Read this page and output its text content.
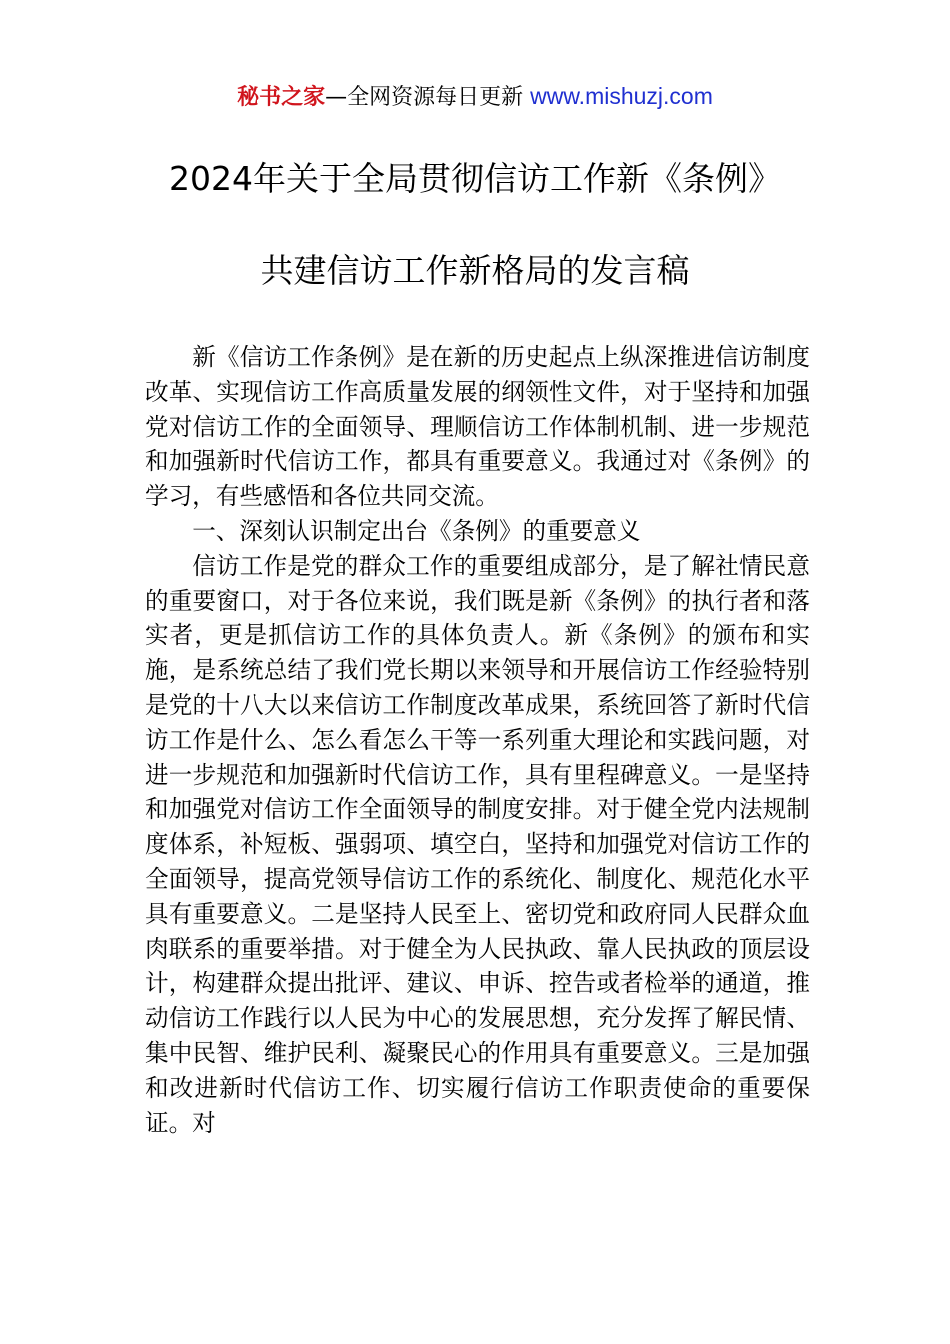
秘书之家—全网资源每日更新 www.mishuzj.com
2024年关于全局贯彻信访工作新《条例》
共建信访工作新格局的发言稿

新《信访工作条例》是在新的历史起点上纵深推进信访制度改革、实现信访工作高质量发展的纲领性文件，对于坚持和加强党对信访工作的全面领导、理顺信访工作体制机制、进一步规范和加强新时代信访工作，都具有重要意义。我通过对《条例》的学习，有些感悟和各位共同交流。

一、深刻认识制定出台《条例》的重要意义

信访工作是党的群众工作的重要组成部分，是了解社情民意的重要窗口，对于各位来说，我们既是新《条例》的执行者和落实者，更是抓信访工作的具体负责人。新《条例》的颁布和实施，是系统总结了我们党长期以来领导和开展信访工作经验特别是党的十八大以来信访工作制度改革成果，系统回答了新时代信访工作是什么、怎么看怎么干等一系列重大理论和实践问题，对进一步规范和加强新时代信访工作，具有里程碑意义。一是坚持和加强党对信访工作全面领导的制度安排。对于健全党内法规制度体系，补短板、强弱项、填空白，坚持和加强党对信访工作的全面领导，提高党领导信访工作的系统化、制度化、规范化水平具有重要意义。二是坚持人民至上、密切党和政府同人民群众血肉联系的重要举措。对于健全为人民执政、靠人民执政的顶层设计，构建群众提出批评、建议、申诉、控告或者检举的通道，推动信访工作践行以人民为中心的发展思想，充分发挥了解民情、集中民智、维护民利、凝聚民心的作用具有重要意义。三是加强和改进新时代信访工作、切实履行信访工作职责使命的重要保证。对
